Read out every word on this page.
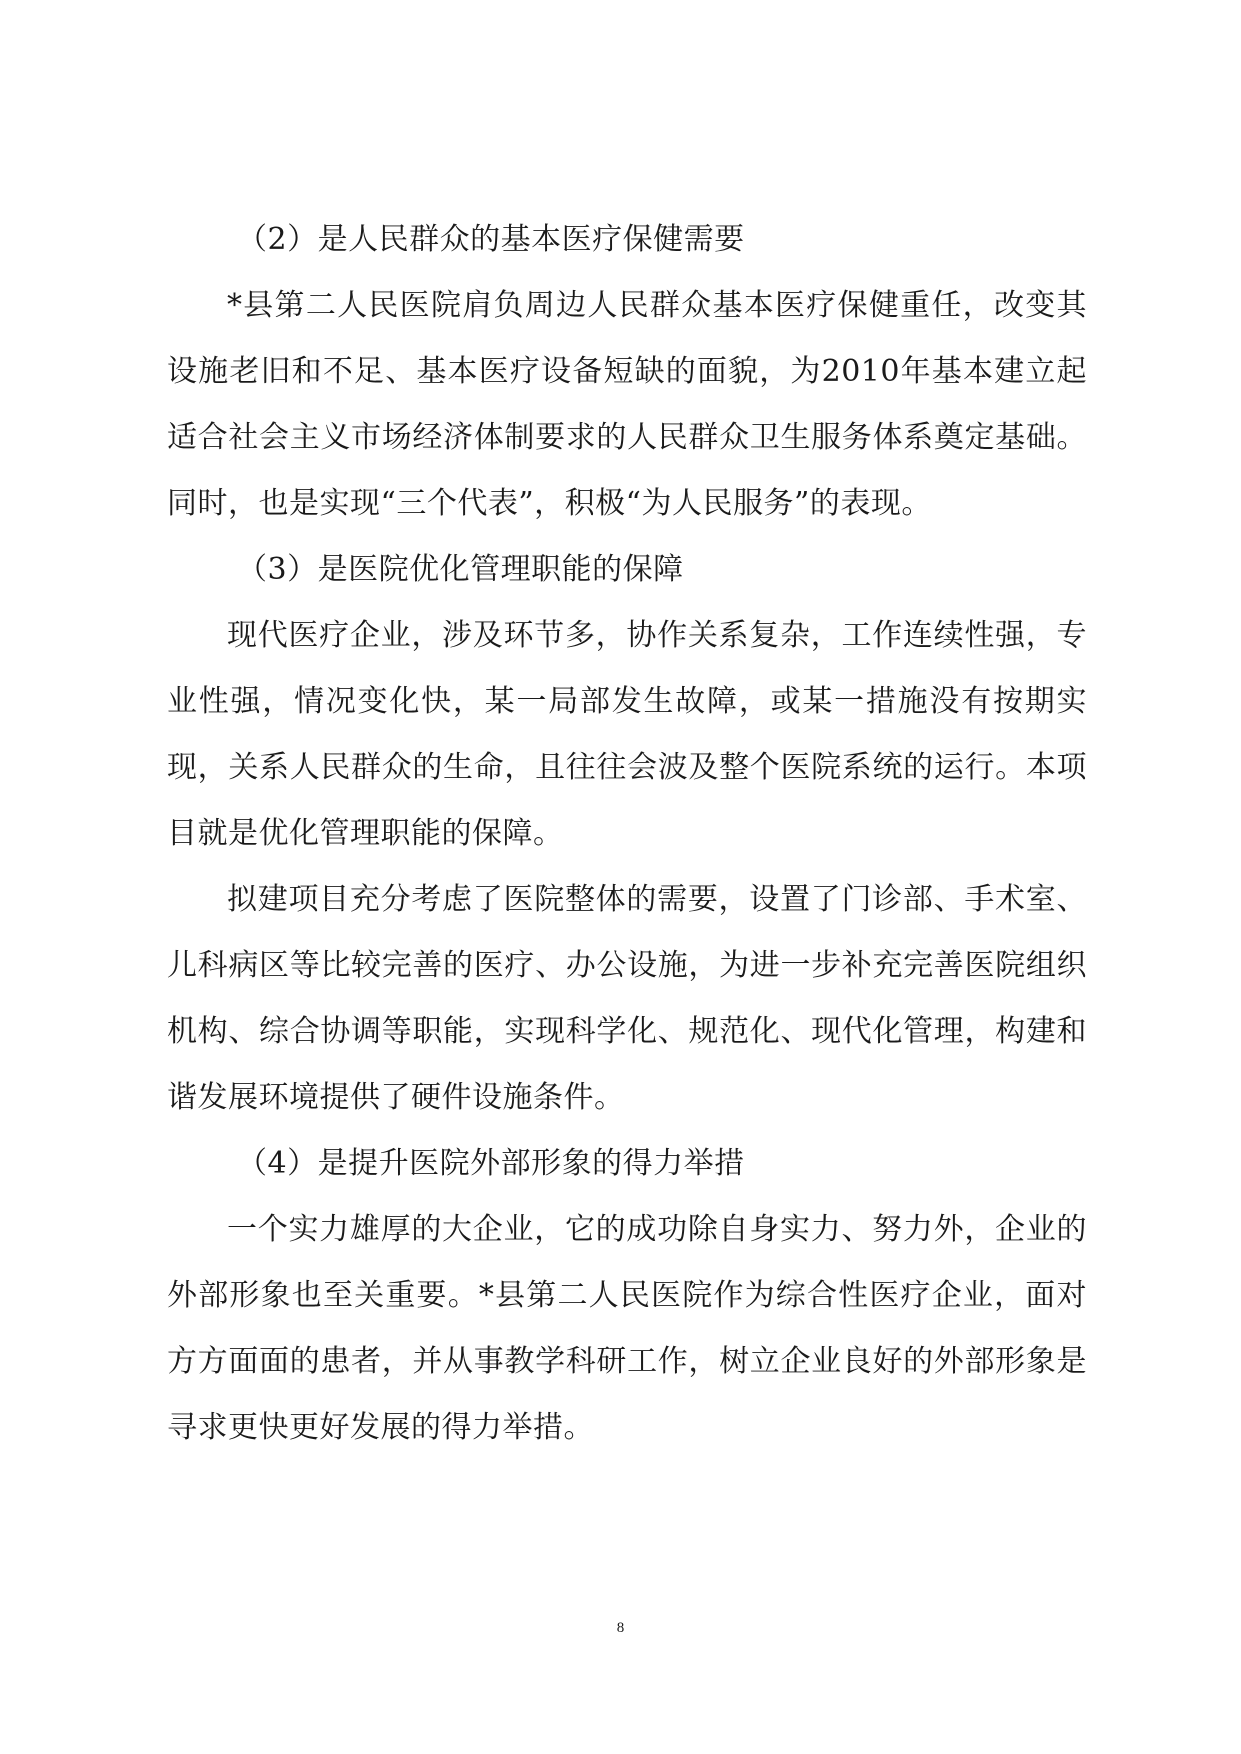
（2）是人民群众的基本医疗保健需要

*县第二人民医院肩负周边人民群众基本医疗保健重任，改变其设施老旧和不足、基本医疗设备短缺的面貌，为2010年基本建立起适合社会主义市场经济体制要求的人民群众卫生服务体系奠定基础。同时，也是实现“三个代表”，积极“为人民服务”的表现。

（3）是医院优化管理职能的保障

现代医疗企业，涉及环节多，协作关系复杂，工作连续性强，专业性强，情况变化快，某一局部发生故障，或某一措施没有按期实现，关系人民群众的生命，且往往会波及整个医院系统的运行。本项目就是优化管理职能的保障。

拟建项目充分考虑了医院整体的需要，设置了门诊部、手术室、儿科病区等比较完善的医疗、办公设施，为进一步补充完善医院组织机构、综合协调等职能，实现科学化、规范化、现代化管理，构建和谐发展环境提供了硬件设施条件。

（4）是提升医院外部形象的得力举措

一个实力雄厚的大企业，它的成功除自身实力、努力外，企业的外部形象也至关重要。*县第二人民医院作为综合性医疗企业，面对方方面面的患者，并从事教学科研工作，树立企业良好的外部形象是寻求更快更好发展的得力举措。

8
